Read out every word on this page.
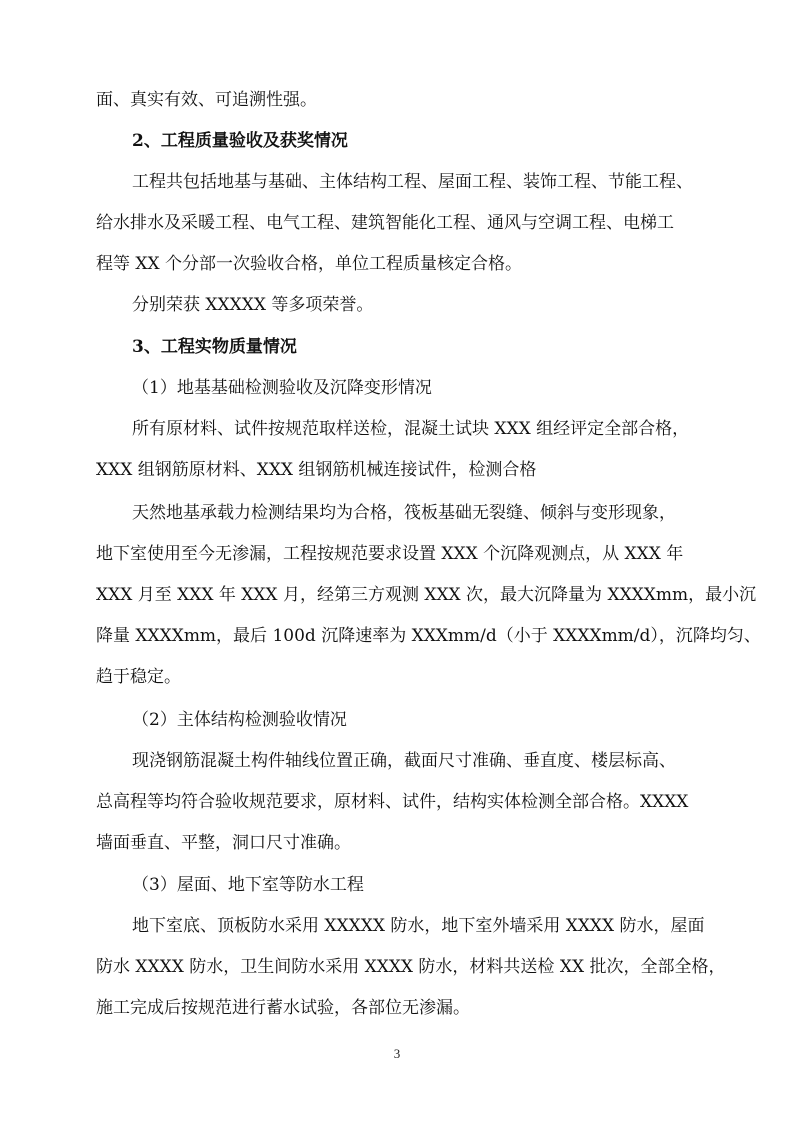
面、真实有效、可追溯性强。
2、工程质量验收及获奖情况
工程共包括地基与基础、主体结构工程、屋面工程、装饰工程、节能工程、
给水排水及采暖工程、电气工程、建筑智能化工程、通风与空调工程、电梯工
程等 XX 个分部一次验收合格，单位工程质量核定合格。
分别荣获 XXXXX 等多项荣誉。
3、工程实物质量情况
（1）地基基础检测验收及沉降变形情况
所有原材料、试件按规范取样送检，混凝土试块 XXX 组经评定全部合格，
XXX 组钢筋原材料、XXX 组钢筋机械连接试件，检测合格
天然地基承载力检测结果均为合格，筏板基础无裂缝、倾斜与变形现象，
地下室使用至今无渗漏，工程按规范要求设置 XXX 个沉降观测点，从 XXX 年
XXX 月至 XXX 年 XXX 月，经第三方观测 XXX 次，最大沉降量为 XXXXmm，最小沉
降量 XXXXmm，最后 100d 沉降速率为 XXXmm/d（小于 XXXXmm/d），沉降均匀、
趋于稳定。
（2）主体结构检测验收情况
现浇钢筋混凝土构件轴线位置正确，截面尺寸准确、垂直度、楼层标高、
总高程等均符合验收规范要求，原材料、试件，结构实体检测全部合格。XXXX
墙面垂直、平整，洞口尺寸准确。
（3）屋面、地下室等防水工程
地下室底、顶板防水采用 XXXXX 防水，地下室外墙采用 XXXX 防水，屋面
防水 XXXX 防水，卫生间防水采用 XXXX 防水，材料共送检 XX 批次，全部全格，
施工完成后按规范进行蓄水试验，各部位无渗漏。
3
